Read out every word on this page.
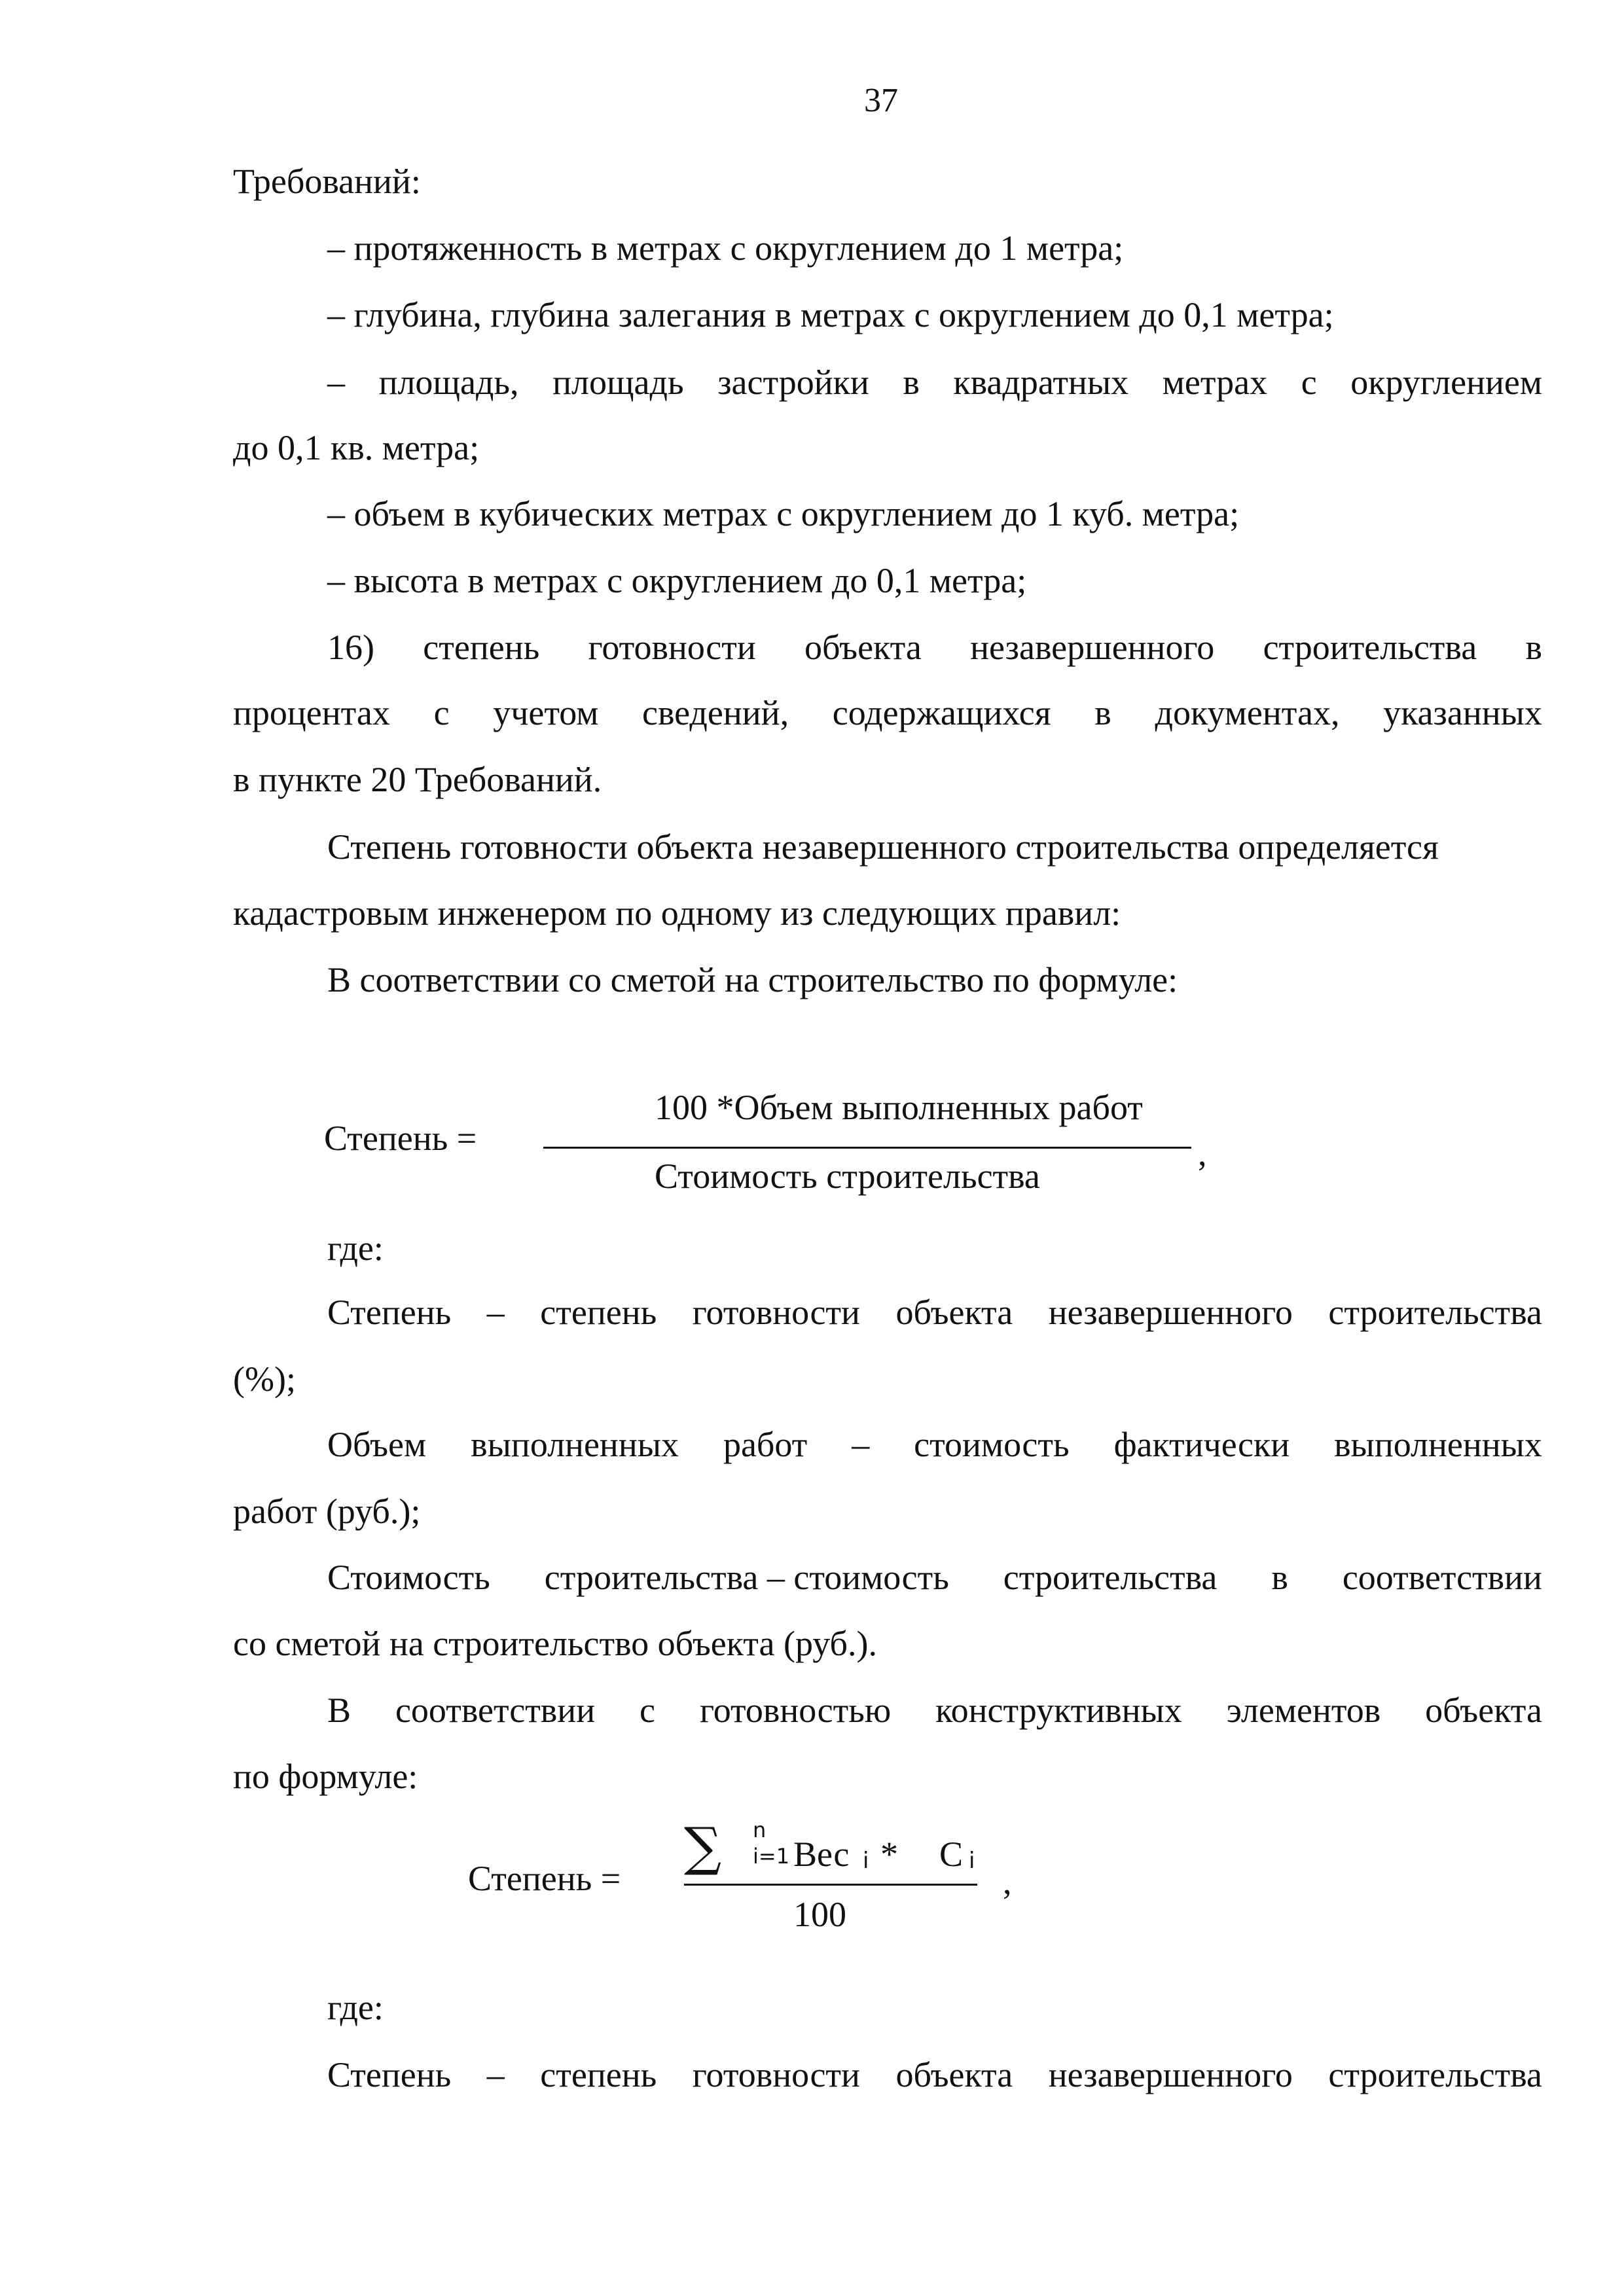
37
Требований:
– протяженность в метрах с округлением до 1 метра;
– глубина, глубина залегания в метрах с округлением до 0,1 метра;
– площадь, площадь застройки в квадратных метрах с округлением
до 0,1 кв. метра;
– объем в кубических метрах с округлением до 1 куб. метра;
– высота в метрах с округлением до 0,1 метра;
16) степень готовности объекта незавершенного строительства в
процентах с учетом сведений, содержащихся в документах, указанных
в пункте 20 Требований.
Степень готовности объекта незавершенного строительства определяется
кадастровым инженером по одному из следующих правил:
В соответствии со сметой на строительство по формуле:
Степень =
100 *Объем выполненных работ
,
Стоимость строительства
где:
Степень – степень готовности объекта незавершенного строительства
(%);
Объем выполненных работ – стоимость фактически выполненных
работ (руб.);
Стоимость строительства – стоимость строительства в соответствии
со сметой на строительство объекта (руб.).
В соответствии с готовностью конструктивных элементов объекта
по формуле:
Степень =
∑ n
i=1 Вес i * С i
,
100
где:
Степень – степень готовности объекта незавершенного строительства
